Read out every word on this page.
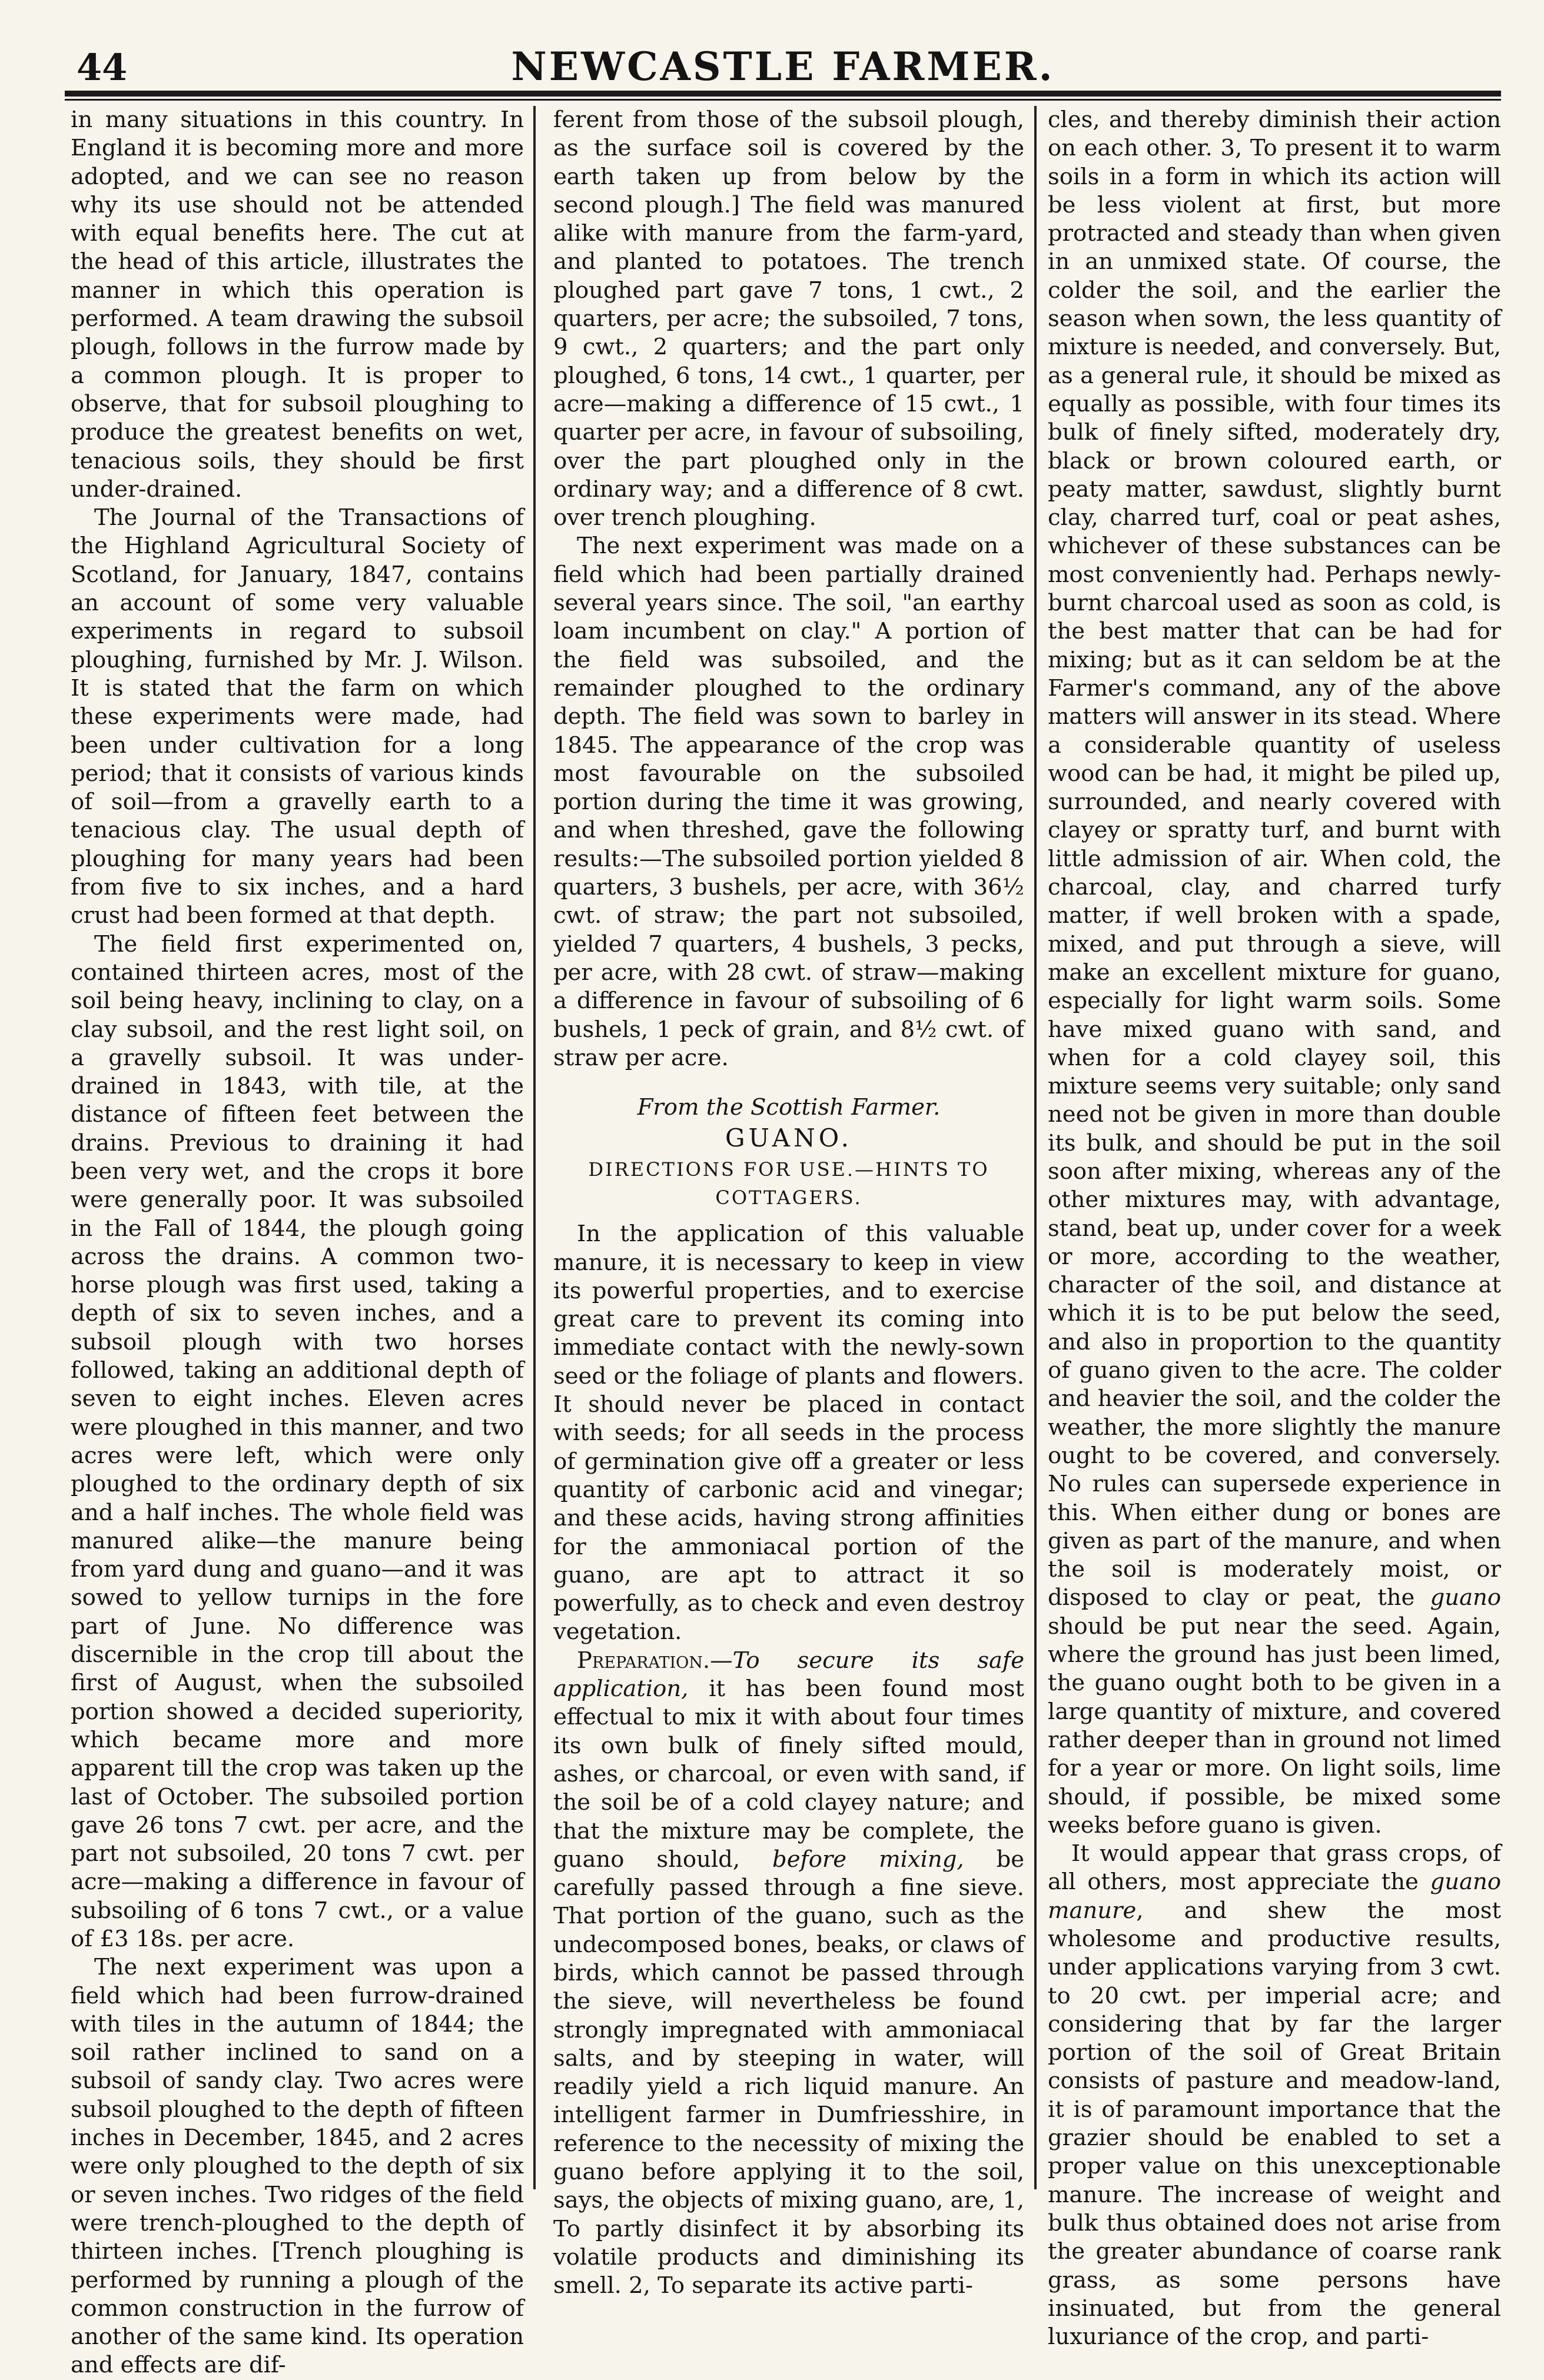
44	NEWCASTLE FARMER.

in many situations in this country. In England it is becoming more and more adopted, and we can see no reason why its use should not be attended with equal benefits here. The cut at the head of this article, illustrates the manner in which this operation is performed. A team drawing the subsoil plough, follows in the furrow made by a common plough. It is proper to observe, that for subsoil ploughing to produce the greatest benefits on wet, tenacious soils, they should be first under-drained.

The Journal of the Transactions of the Highland Agricultural Society of Scotland, for January, 1847, contains an account of some very valuable experiments in regard to subsoil ploughing, furnished by Mr. J. Wilson. It is stated that the farm on which these experiments were made, had been under cultivation for a long period; that it consists of various kinds of soil—from a gravelly earth to a tenacious clay. The usual depth of ploughing for many years had been from five to six inches, and a hard crust had been formed at that depth.

The field first experimented on, contained thirteen acres, most of the soil being heavy, inclining to clay, on a clay subsoil, and the rest light soil, on a gravelly subsoil. It was under-drained in 1843, with tile, at the distance of fifteen feet between the drains. Previous to draining it had been very wet, and the crops it bore were generally poor. It was subsoiled in the Fall of 1844, the plough going across the drains. A common two-horse plough was first used, taking a depth of six to seven inches, and a subsoil plough with two horses followed, taking an additional depth of seven to eight inches. Eleven acres were ploughed in this manner, and two acres were left, which were only ploughed to the ordinary depth of six and a half inches. The whole field was manured alike—the manure being from yard dung and guano—and it was sowed to yellow turnips in the fore part of June. No difference was discernible in the crop till about the first of August, when the subsoiled portion showed a decided superiority, which became more and more apparent till the crop was taken up the last of October. The subsoiled portion gave 26 tons 7 cwt. per acre, and the part not subsoiled, 20 tons 7 cwt. per acre—making a difference in favour of subsoiling of 6 tons 7 cwt., or a value of £3 18s. per acre.

The next experiment was upon a field which had been furrow-drained with tiles in the autumn of 1844; the soil rather inclined to sand on a subsoil of sandy clay. Two acres were subsoil ploughed to the depth of fifteen inches in December, 1845, and 2 acres were only ploughed to the depth of six or seven inches. Two ridges of the field were trench-ploughed to the depth of thirteen inches. [Trench ploughing is performed by running a plough of the common construction in the furrow of another of the same kind. Its operation and effects are dif-

ferent from those of the subsoil plough, as the surface soil is covered by the earth taken up from below by the second plough.] The field was manured alike with manure from the farm-yard, and planted to potatoes. The trench ploughed part gave 7 tons, 1 cwt., 2 quarters, per acre; the subsoiled, 7 tons, 9 cwt., 2 quarters; and the part only ploughed, 6 tons, 14 cwt., 1 quarter, per acre—making a difference of 15 cwt., 1 quarter per acre, in favour of subsoiling, over the part ploughed only in the ordinary way; and a difference of 8 cwt. over trench ploughing.

The next experiment was made on a field which had been partially drained several years since. The soil, "an earthy loam incumbent on clay." A portion of the field was subsoiled, and the remainder ploughed to the ordinary depth. The field was sown to barley in 1845. The appearance of the crop was most favourable on the subsoiled portion during the time it was growing, and when threshed, gave the following results:—The subsoiled portion yielded 8 quarters, 3 bushels, per acre, with 36½ cwt. of straw; the part not subsoiled, yielded 7 quarters, 4 bushels, 3 pecks, per acre, with 28 cwt. of straw—making a difference in favour of subsoiling of 6 bushels, 1 peck of grain, and 8½ cwt. of straw per acre.

From the Scottish Farmer.
GUANO.
DIRECTIONS FOR USE.—HINTS TO COTTAGERS.

In the application of this valuable manure, it is necessary to keep in view its powerful properties, and to exercise great care to prevent its coming into immediate contact with the newly-sown seed or the foliage of plants and flowers. It should never be placed in contact with seeds; for all seeds in the process of germination give off a greater or less quantity of carbonic acid and vinegar; and these acids, having strong affinities for the ammoniacal portion of the guano, are apt to attract it so powerfully, as to check and even destroy vegetation.

Preparation.—To secure its safe application, it has been found most effectual to mix it with about four times its own bulk of finely sifted mould, ashes, or charcoal, or even with sand, if the soil be of a cold clayey nature; and that the mixture may be complete, the guano should, before mixing, be carefully passed through a fine sieve. That portion of the guano, such as the undecomposed bones, beaks, or claws of birds, which cannot be passed through the sieve, will nevertheless be found strongly impregnated with ammoniacal salts, and by steeping in water, will readily yield a rich liquid manure. An intelligent farmer in Dumfriesshire, in reference to the necessity of mixing the guano before applying it to the soil, says, the objects of mixing guano, are, 1, To partly disinfect it by absorbing its volatile products and diminishing its smell. 2, To separate its active parti-

cles, and thereby diminish their action on each other. 3, To present it to warm soils in a form in which its action will be less violent at first, but more protracted and steady than when given in an unmixed state. Of course, the colder the soil, and the earlier the season when sown, the less quantity of mixture is needed, and conversely. But, as a general rule, it should be mixed as equally as possible, with four times its bulk of finely sifted, moderately dry, black or brown coloured earth, or peaty matter, sawdust, slightly burnt clay, charred turf, coal or peat ashes, whichever of these substances can be most conveniently had. Perhaps newly-burnt charcoal used as soon as cold, is the best matter that can be had for mixing; but as it can seldom be at the Farmer's command, any of the above matters will answer in its stead. Where a considerable quantity of useless wood can be had, it might be piled up, surrounded, and nearly covered with clayey or spratty turf, and burnt with little admission of air. When cold, the charcoal, clay, and charred turfy matter, if well broken with a spade, mixed, and put through a sieve, will make an excellent mixture for guano, especially for light warm soils. Some have mixed guano with sand, and when for a cold clayey soil, this mixture seems very suitable; only sand need not be given in more than double its bulk, and should be put in the soil soon after mixing, whereas any of the other mixtures may, with advantage, stand, beat up, under cover for a week or more, according to the weather, character of the soil, and distance at which it is to be put below the seed, and also in proportion to the quantity of guano given to the acre. The colder and heavier the soil, and the colder the weather, the more slightly the manure ought to be covered, and conversely. No rules can supersede experience in this. When either dung or bones are given as part of the manure, and when the soil is moderately moist, or disposed to clay or peat, the guano should be put near the seed. Again, where the ground has just been limed, the guano ought both to be given in a large quantity of mixture, and covered rather deeper than in ground not limed for a year or more. On light soils, lime should, if possible, be mixed some weeks before guano is given.

It would appear that grass crops, of all others, most appreciate the guano manure, and shew the most wholesome and productive results, under applications varying from 3 cwt. to 20 cwt. per imperial acre; and considering that by far the larger portion of the soil of Great Britain consists of pasture and meadow-land, it is of paramount importance that the grazier should be enabled to set a proper value on this unexceptionable manure. The increase of weight and bulk thus obtained does not arise from the greater abundance of coarse rank grass, as some persons have insinuated, but from the general luxuriance of the crop, and parti-
